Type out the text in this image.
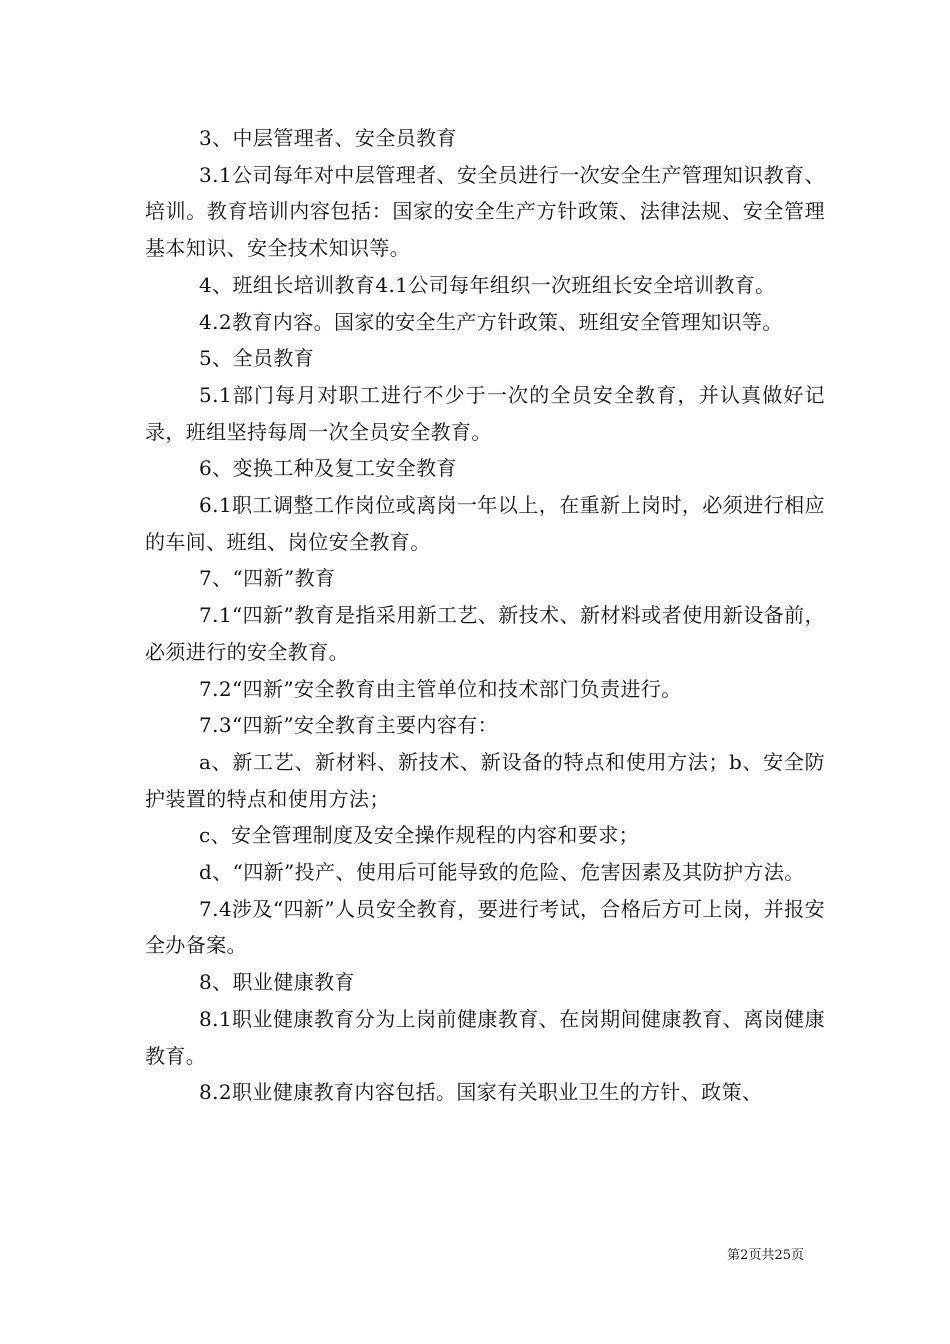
3、中层管理者、安全员教育

3.1公司每年对中层管理者、安全员进行一次安全生产管理知识教育、培训。教育培训内容包括：国家的安全生产方针政策、法律法规、安全管理基本知识、安全技术知识等。

4、班组长培训教育4.1公司每年组织一次班组长安全培训教育。

4.2教育内容。国家的安全生产方针政策、班组安全管理知识等。

5、全员教育

5.1部门每月对职工进行不少于一次的全员安全教育，并认真做好记录，班组坚持每周一次全员安全教育。

6、变换工种及复工安全教育

6.1职工调整工作岗位或离岗一年以上，在重新上岗时，必须进行相应的车间、班组、岗位安全教育。

7、“四新”教育

7.1“四新”教育是指采用新工艺、新技术、新材料或者使用新设备前，必须进行的安全教育。

7.2“四新”安全教育由主管单位和技术部门负责进行。

7.3“四新”安全教育主要内容有：

a、新工艺、新材料、新技术、新设备的特点和使用方法；b、安全防护装置的特点和使用方法；

c、安全管理制度及安全操作规程的内容和要求；

d、“四新”投产、使用后可能导致的危险、危害因素及其防护方法。

7.4涉及“四新”人员安全教育，要进行考试，合格后方可上岗，并报安全办备案。

8、职业健康教育

8.1职业健康教育分为上岗前健康教育、在岗期间健康教育、离岗健康教育。

8.2职业健康教育内容包括。国家有关职业卫生的方针、政策、

第2页共25页
